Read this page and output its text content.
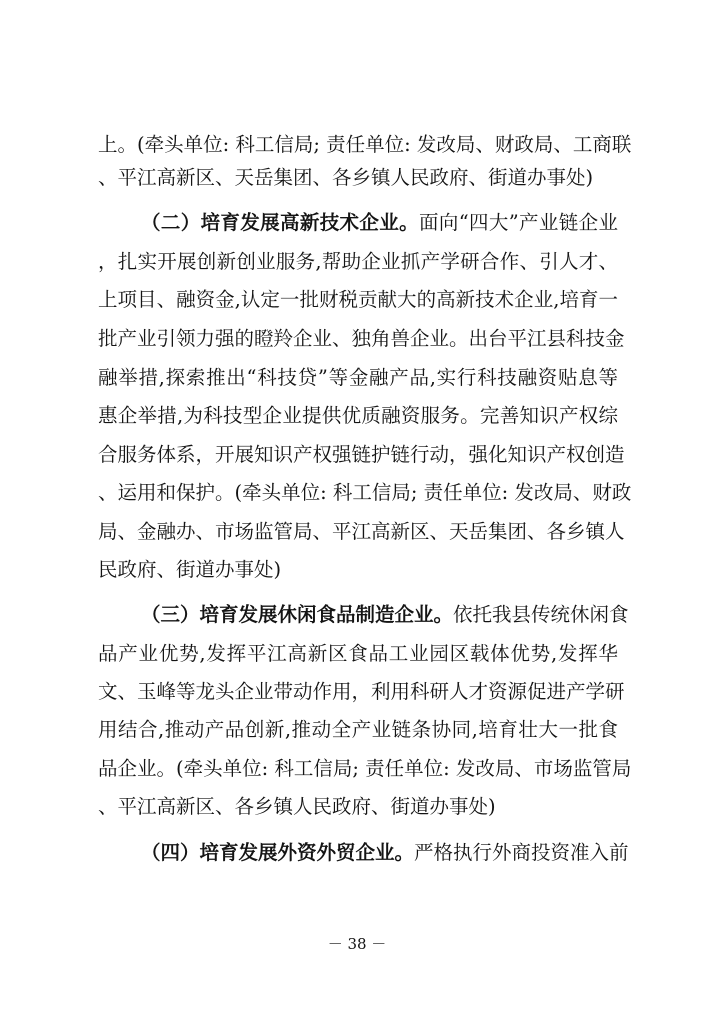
上。(牵头单位: 科工信局; 责任单位: 发改局、财政局、工商联
、平江高新区、天岳集团、各乡镇人民政府、街道办事处)
（二）培育发展高新技术企业。面向“四大”产业链企业
，扎实开展创新创业服务,帮助企业抓产学研合作、引人才、
上项目、融资金,认定一批财税贡献大的高新技术企业,培育一
批产业引领力强的瞪羚企业、独角兽企业。出台平江县科技金
融举措,探索推出“科技贷”等金融产品,实行科技融资贴息等
惠企举措,为科技型企业提供优质融资服务。完善知识产权综
合服务体系，开展知识产权强链护链行动，强化知识产权创造
、运用和保护。(牵头单位: 科工信局; 责任单位: 发改局、财政
局、金融办、市场监管局、平江高新区、天岳集团、各乡镇人
民政府、街道办事处)
（三）培育发展休闲食品制造企业。依托我县传统休闲食
品产业优势,发挥平江高新区食品工业园区载体优势,发挥华
文、玉峰等龙头企业带动作用，利用科研人才资源促进产学研
用结合,推动产品创新,推动全产业链条协同,培育壮大一批食
品企业。(牵头单位: 科工信局; 责任单位: 发改局、市场监管局
、平江高新区、各乡镇人民政府、街道办事处)
（四）培育发展外资外贸企业。严格执行外商投资准入前
－ 38 －
